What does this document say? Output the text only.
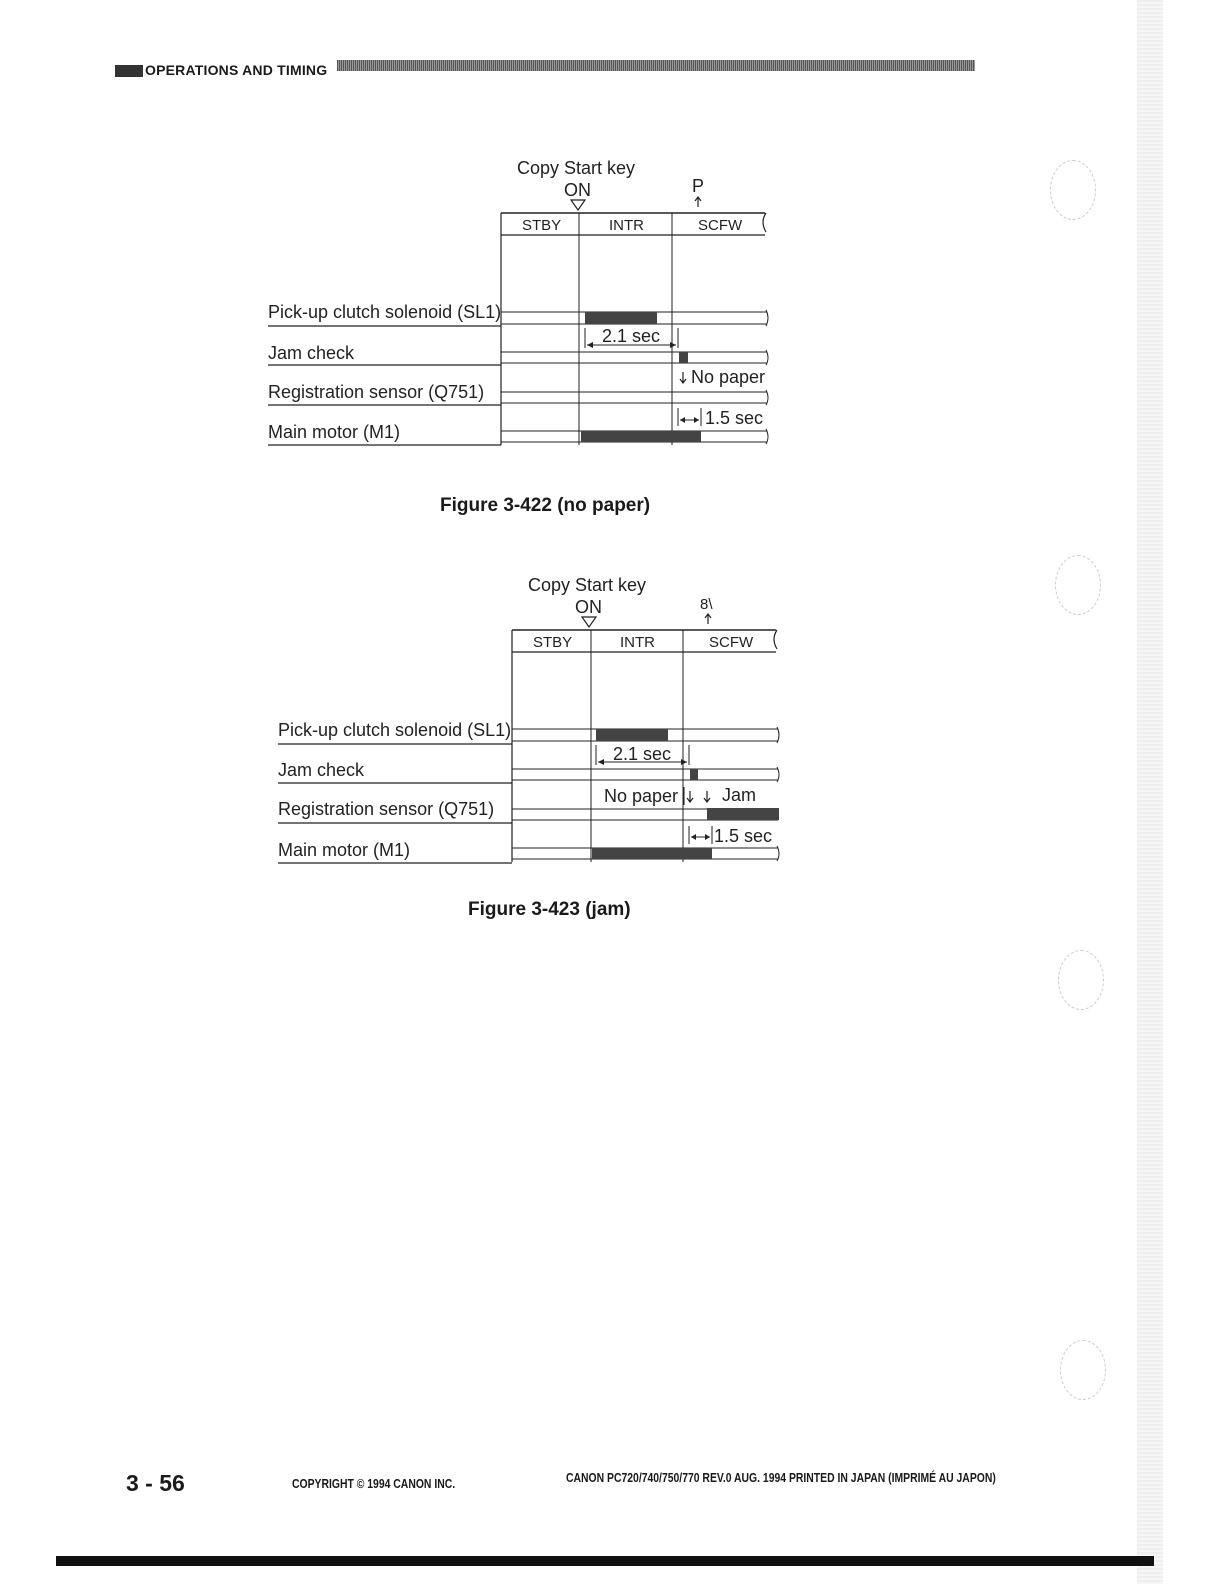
OPERATIONS AND TIMING
Copy Start key
ON	P
STBY	INTR	SCFW
Pick-up clutch solenoid (SL1)
Jam check
Registration sensor (Q751)
Main motor (M1)
2.1 sec
No paper
1.5 sec
Figure 3-422 (no paper)
Copy Start key
ON	8\
STBY	INTR	SCFW
Pick-up clutch solenoid (SL1)
Jam check
Registration sensor (Q751)
Main motor (M1)
2.1 sec
No paper Jam
1.5 sec
Figure 3-423 (jam)
3 - 56	COPYRIGHT © 1994 CANON INC.	CANON PC720/740/750/770 REV.0 AUG. 1994 PRINTED IN JAPAN (IMPRIMÉ AU JAPON)
